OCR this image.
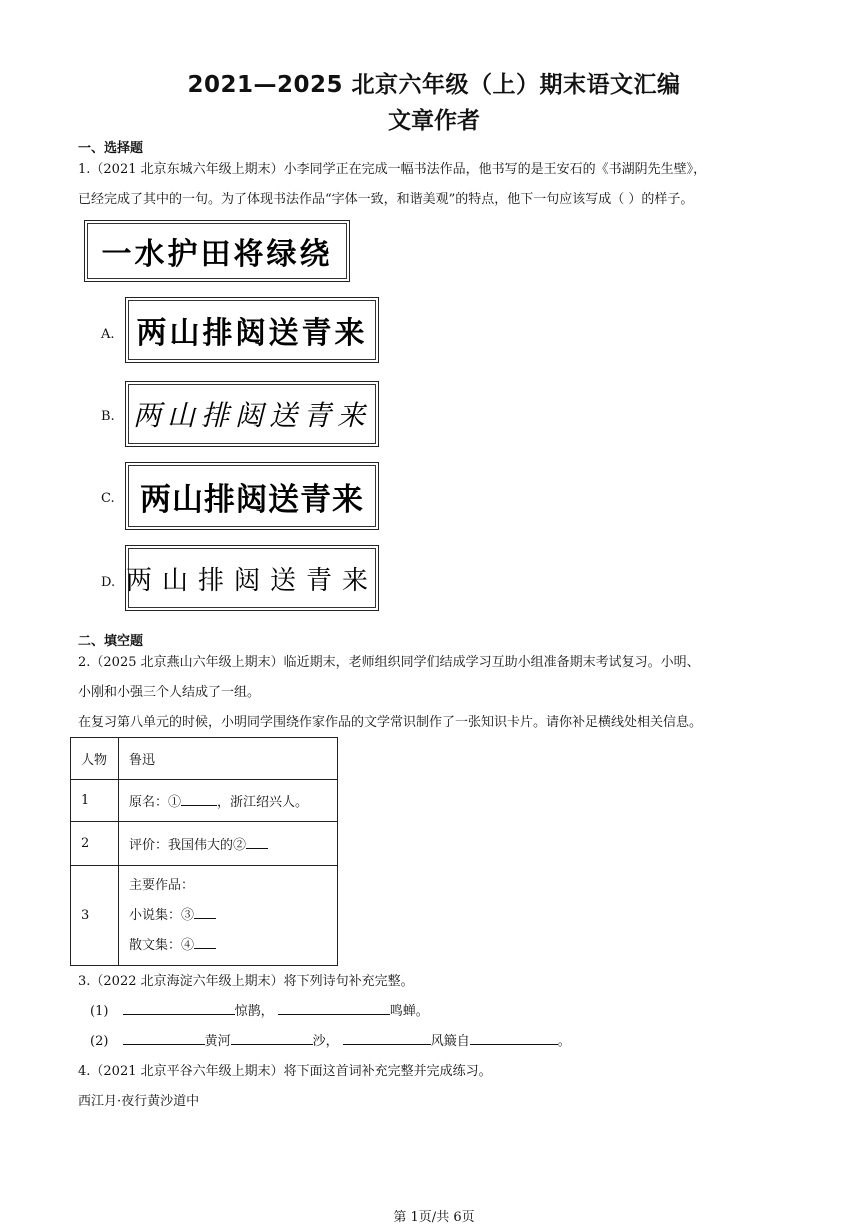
2021—2025 北京六年级（上）期末语文汇编
文章作者
一、选择题
1.（2021 北京东城六年级上期末）小李同学正在完成一幅书法作品，他书写的是王安石的《书湖阴先生壁》，
已经完成了其中的一句。为了体现书法作品“字体一致，和谐美观”的特点，他下一句应该写成（ ）的样子。
一水护田将绿绕
A. 两山排闼送青来
B. 两山排闼送青来
C. 两山排闼送青来
D. 两山排闼送青来
二、填空题
2.（2025 北京燕山六年级上期末）临近期末，老师组织同学们结成学习互助小组准备期末考试复习。小明、
小刚和小强三个人结成了一组。
在复习第八单元的时候，小明同学围绕作家作品的文学常识制作了一张知识卡片。请你补足横线处相关信息。
人物	鲁迅
1	原名：① ，浙江绍兴人。
2	评价：我国伟大的②
3	主要作品：
小说集：③
散文集：④
3.（2022 北京海淀六年级上期末）将下列诗句补充完整。
(1)	惊鹊，	鸣蝉。
(2)	黄河	沙，	风簸自	。
4.（2021 北京平谷六年级上期末）将下面这首词补充完整并完成练习。
西江月·夜行黄沙道中
第 1页/共 6页
